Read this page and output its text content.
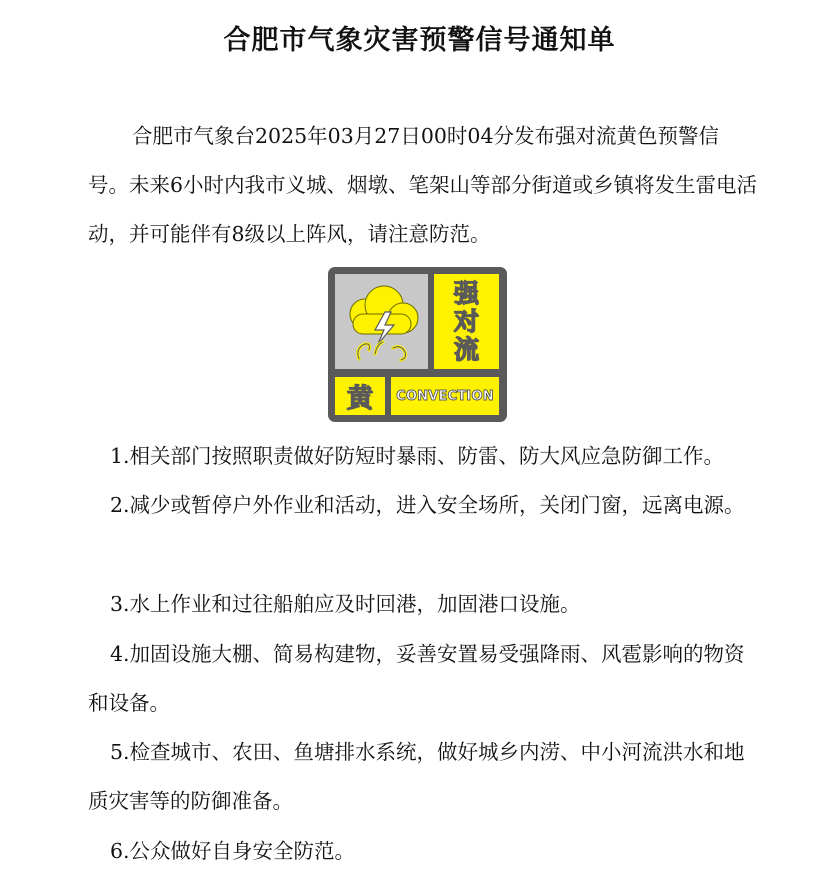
合肥市气象灾害预警信号通知单

合肥市气象台2025年03月27日00时04分发布强对流黄色预警信号。未来6小时内我市义城、烟墩、笔架山等部分街道或乡镇将发生雷电活动，并可能伴有8级以上阵风，请注意防范。

强
对
流
黄 CONVECTION

1.相关部门按照职责做好防短时暴雨、防雷、防大风应急防御工作。

2.减少或暂停户外作业和活动，进入安全场所，关闭门窗，远离电源。

3.水上作业和过往船舶应及时回港，加固港口设施。

4.加固设施大棚、简易构建物，妥善安置易受强降雨、风雹影响的物资和设备。

5.检查城市、农田、鱼塘排水系统，做好城乡内涝、中小河流洪水和地质灾害等的防御准备。

6.公众做好自身安全防范。
